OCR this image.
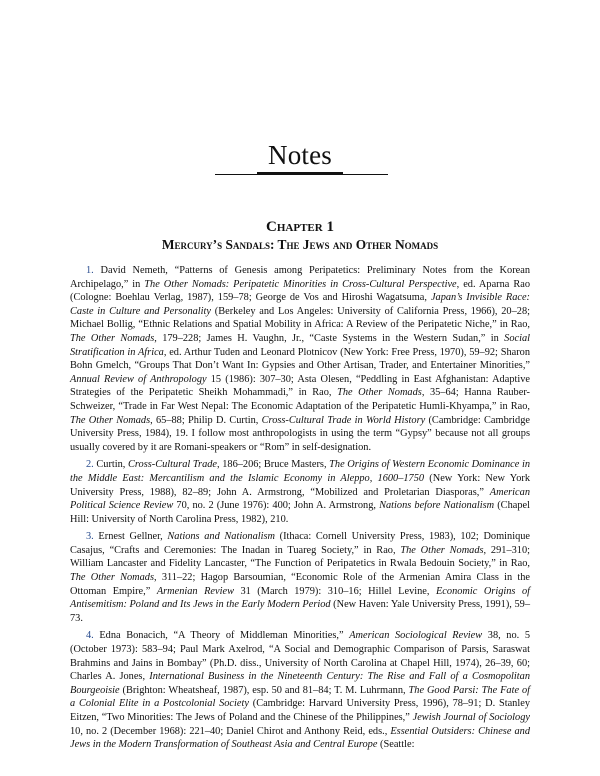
Notes
Chapter 1
Mercury’s Sandals: The Jews and Other Nomads

1. David Nemeth, “Patterns of Genesis among Peripatetics: Preliminary Notes from the Korean Archipelago,” in The Other Nomads: Peripatetic Minorities in Cross-Cultural Perspective, ed. Aparna Rao (Cologne: Boehlau Verlag, 1987), 159–78; George de Vos and Hiroshi Wagatsuma, Japan’s Invisible Race: Caste in Culture and Personality (Berkeley and Los Angeles: University of California Press, 1966), 20–28; Michael Bollig, “Ethnic Relations and Spatial Mobility in Africa: A Review of the Peripatetic Niche,” in Rao, The Other Nomads, 179–228; James H. Vaughn, Jr., “Caste Systems in the Western Sudan,” in Social Stratification in Africa, ed. Arthur Tuden and Leonard Plotnicov (New York: Free Press, 1970), 59–92; Sharon Bohn Gmelch, “Groups That Don’t Want In: Gypsies and Other Artisan, Trader, and Entertainer Minorities,” Annual Review of Anthropology 15 (1986): 307–30; Asta Olesen, “Peddling in East Afghanistan: Adaptive Strategies of the Peripatetic Sheikh Mohammadi,” in Rao, The Other Nomads, 35–64; Hanna Rauber-Schweizer, “Trade in Far West Nepal: The Economic Adaptation of the Peripatetic Humli-Khyampa,” in Rao, The Other Nomads, 65–88; Philip D. Curtin, Cross-Cultural Trade in World History (Cambridge: Cambridge University Press, 1984), 19. I follow most anthropologists in using the term “Gypsy” because not all groups usually covered by it are Romani-speakers or “Rom” in self-designation.

2. Curtin, Cross-Cultural Trade, 186–206; Bruce Masters, The Origins of Western Economic Dominance in the Middle East: Mercantilism and the Islamic Economy in Aleppo, 1600–1750 (New York: New York University Press, 1988), 82–89; John A. Armstrong, “Mobilized and Proletarian Diasporas,” American Political Science Review 70, no. 2 (June 1976): 400; John A. Armstrong, Nations before Nationalism (Chapel Hill: University of North Carolina Press, 1982), 210.

3. Ernest Gellner, Nations and Nationalism (Ithaca: Cornell University Press, 1983), 102; Dominique Casajus, “Crafts and Ceremonies: The Inadan in Tuareg Society,” in Rao, The Other Nomads, 291–310; William Lancaster and Fidelity Lancaster, “The Function of Peripatetics in Rwala Bedouin Society,” in Rao, The Other Nomads, 311–22; Hagop Barsoumian, “Economic Role of the Armenian Amira Class in the Ottoman Empire,” Armenian Review 31 (March 1979): 310–16; Hillel Levine, Economic Origins of Antisemitism: Poland and Its Jews in the Early Modern Period (New Haven: Yale University Press, 1991), 59–73.

4. Edna Bonacich, “A Theory of Middleman Minorities,” American Sociological Review 38, no. 5 (October 1973): 583–94; Paul Mark Axelrod, “A Social and Demographic Comparison of Parsis, Saraswat Brahmins and Jains in Bombay” (Ph.D. diss., University of North Carolina at Chapel Hill, 1974), 26–39, 60; Charles A. Jones, International Business in the Nineteenth Century: The Rise and Fall of a Cosmopolitan Bourgeoisie (Brighton: Wheatsheaf, 1987), esp. 50 and 81–84; T. M. Luhrmann, The Good Parsi: The Fate of a Colonial Elite in a Postcolonial Society (Cambridge: Harvard University Press, 1996), 78–91; D. Stanley Eitzen, “Two Minorities: The Jews of Poland and the Chinese of the Philippines,” Jewish Journal of Sociology 10, no. 2 (December 1968): 221–40; Daniel Chirot and Anthony Reid, eds., Essential Outsiders: Chinese and Jews in the Modern Transformation of Southeast Asia and Central Europe (Seattle:
